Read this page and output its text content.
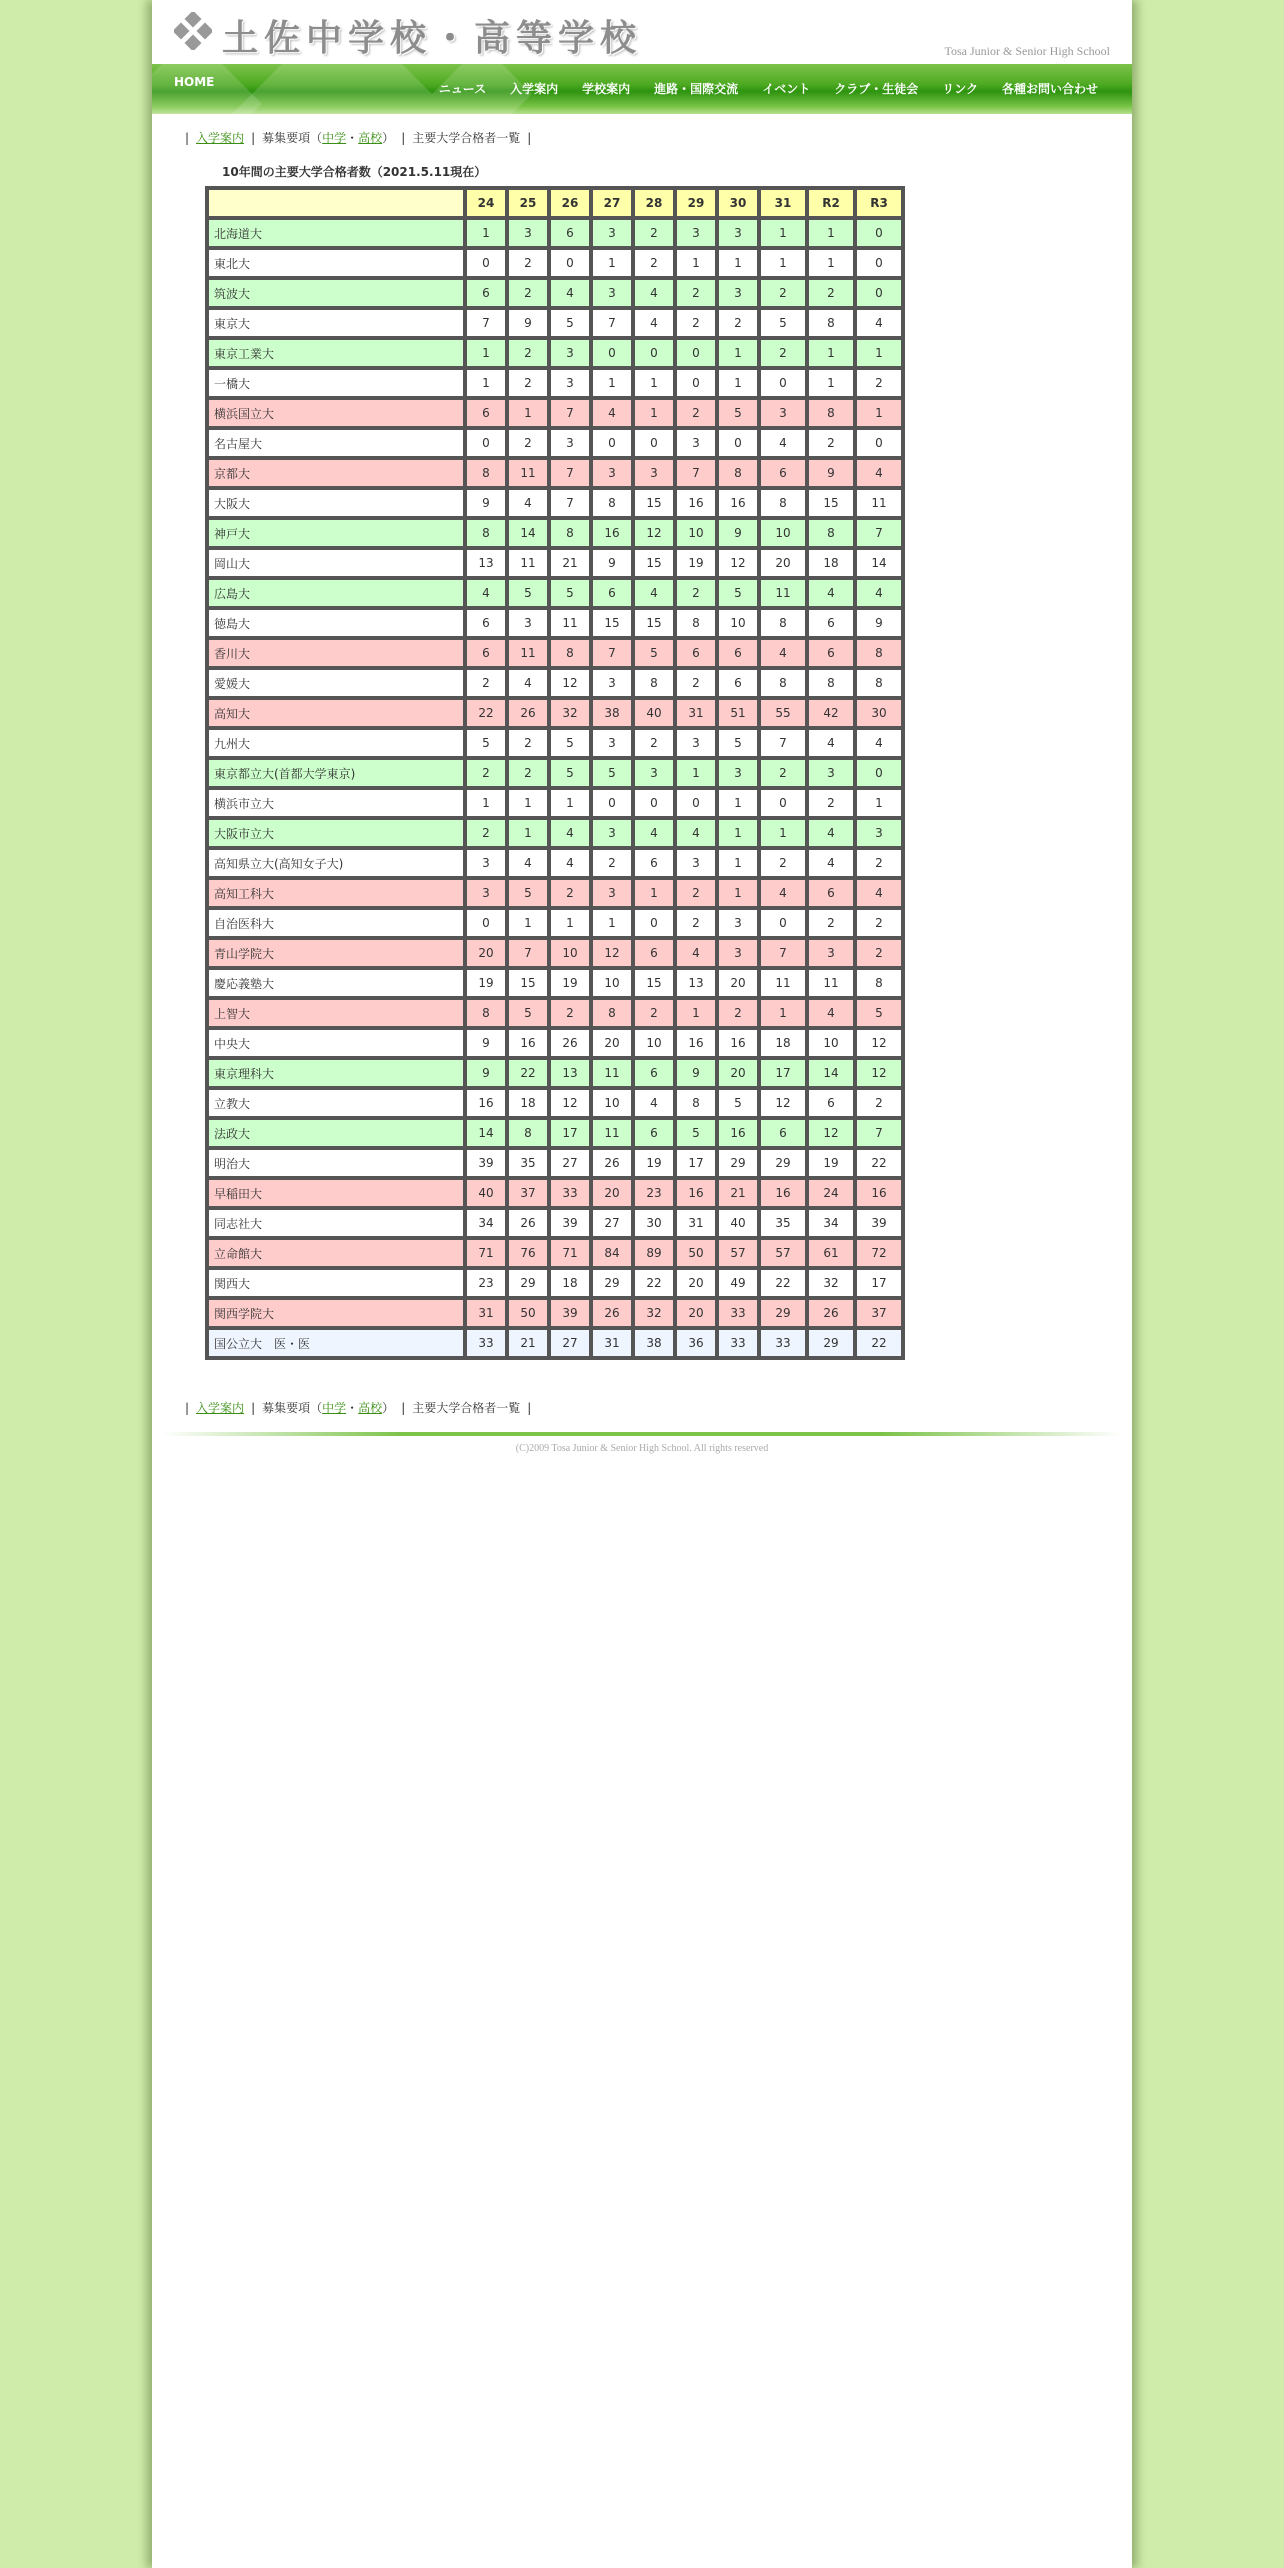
土佐中学校・高等学校	Tosa Junior & Senior High School
HOME	ニュース	入学案内	学校案内	進路・国際交流	イベント	クラブ・生徒会	リンク	各種お問い合わせ
| 入学案内 | 募集要項（中学・高校） | 主要大学合格者一覧 |
10年間の主要大学合格者数（2021.5.11現在）
	24	25	26	27	28	29	30	31	R2	R3
北海道大	1	3	6	3	2	3	3	1	1	0
東北大	0	2	0	1	2	1	1	1	1	0
筑波大	6	2	4	3	4	2	3	2	2	0
東京大	7	9	5	7	4	2	2	5	8	4
東京工業大	1	2	3	0	0	0	1	2	1	1
一橋大	1	2	3	1	1	0	1	0	1	2
横浜国立大	6	1	7	4	1	2	5	3	8	1
名古屋大	0	2	3	0	0	3	0	4	2	0
京都大	8	11	7	3	3	7	8	6	9	4
大阪大	9	4	7	8	15	16	16	8	15	11
神戸大	8	14	8	16	12	10	9	10	8	7
岡山大	13	11	21	9	15	19	12	20	18	14
広島大	4	5	5	6	4	2	5	11	4	4
徳島大	6	3	11	15	15	8	10	8	6	9
香川大	6	11	8	7	5	6	6	4	6	8
愛媛大	2	4	12	3	8	2	6	8	8	8
高知大	22	26	32	38	40	31	51	55	42	30
九州大	5	2	5	3	2	3	5	7	4	4
東京都立大(首都大学東京)	2	2	5	5	3	1	3	2	3	0
横浜市立大	1	1	1	0	0	0	1	0	2	1
大阪市立大	2	1	4	3	4	4	1	1	4	3
高知県立大(高知女子大)	3	4	4	2	6	3	1	2	4	2
高知工科大	3	5	2	3	1	2	1	4	6	4
自治医科大	0	1	1	1	0	2	3	0	2	2
青山学院大	20	7	10	12	6	4	3	7	3	2
慶応義塾大	19	15	19	10	15	13	20	11	11	8
上智大	8	5	2	8	2	1	2	1	4	5
中央大	9	16	26	20	10	16	16	18	10	12
東京理科大	9	22	13	11	6	9	20	17	14	12
立教大	16	18	12	10	4	8	5	12	6	2
法政大	14	8	17	11	6	5	16	6	12	7
明治大	39	35	27	26	19	17	29	29	19	22
早稲田大	40	37	33	20	23	16	21	16	24	16
同志社大	34	26	39	27	30	31	40	35	34	39
立命館大	71	76	71	84	89	50	57	57	61	72
関西大	23	29	18	29	22	20	49	22	32	17
関西学院大	31	50	39	26	32	20	33	29	26	37
国公立大　医・医	33	21	27	31	38	36	33	33	29	22
| 入学案内 | 募集要項（中学・高校） | 主要大学合格者一覧 |
(C)2009 Tosa Junior & Senior High School. All rights reserved
